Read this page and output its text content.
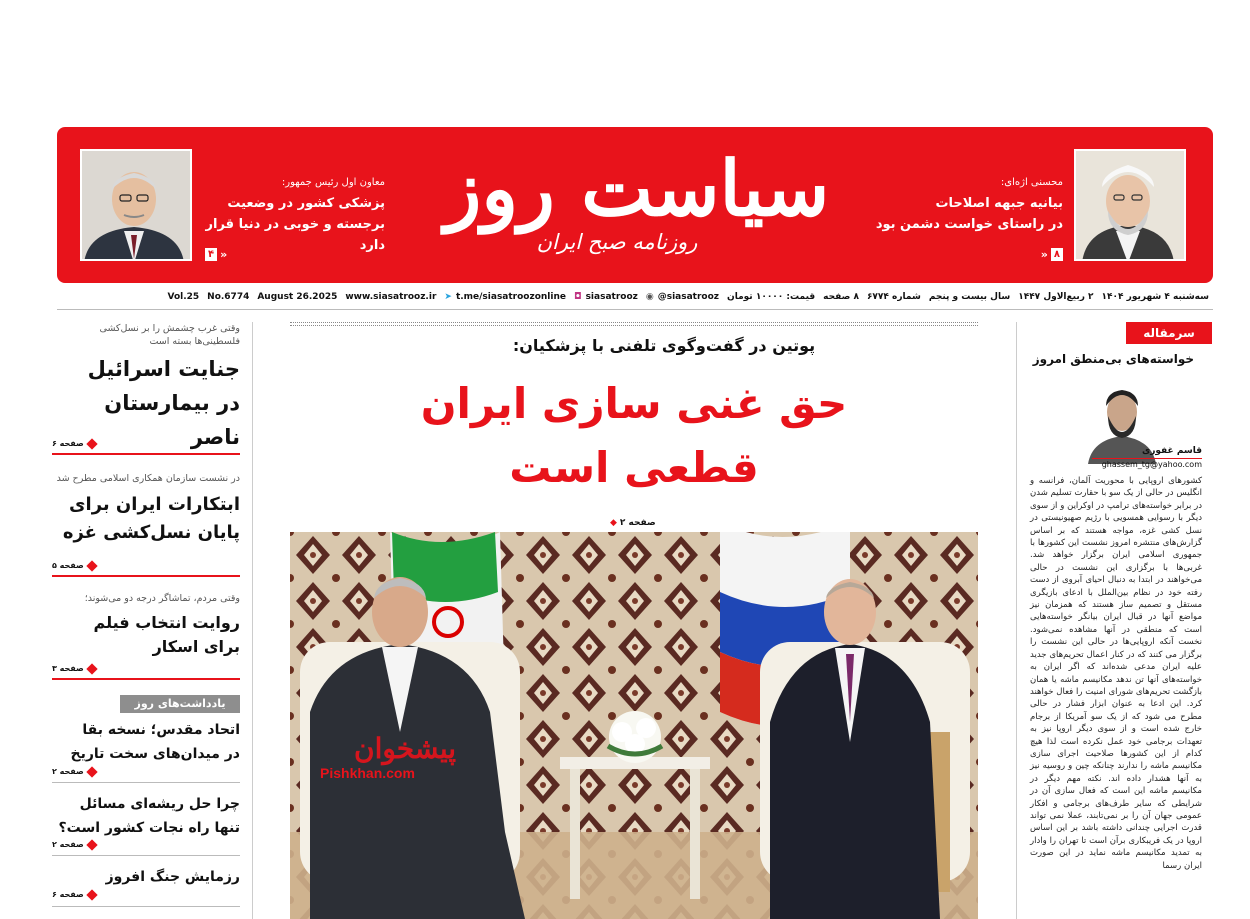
محسنی اژه‌ای:
بیانیه جبهه اصلاحات
در راستای خواست دشمن بود
۸
«
سیاست روز
روزنامه صبح ایران
معاون اول رئیس جمهور:
پزشکی کشور در وضعیت
برجسته و خوبی در دنیا قرار دارد
«
۴
سه‌شنبه ۴ شهریور ۱۴۰۴
۲ ربیع‌الاول ۱۴۴۷
سال بیست و پنجم
شماره ۶۷۷۴
۸ صفحه
قیمت: ۱۰۰۰۰ تومان
@siasatrooz
◉
siasatrooz
◘
t.me/siasatroozonline
➤
www.siasatrooz.ir
August 26.2025
No.6774
Vol.25
سرمقاله
خواسته‌های بی‌منطق امروز
قاسم غفوری
ghassem_tg@yahoo.com
کشورهای اروپایی با محوریت آلمان، فرانسه و انگلیس در حالی از یک سو با حقارت تسلیم شدن در برابر خواسته‌های ترامپ در اوکراین و از سوی دیگر با رسوایی همسویی با رژیم صهیونیستی در نسل کشی غزه، مواجه هستند که بر اساس گزارش‌های منتشره امروز نشست این کشورها با جمهوری اسلامی ایران برگزار خواهد شد. غربی‌ها با برگزاری این نشست در حالی می‌خواهند در ابتدا به دنبال احیای آبروی از دست رفته خود در نظام بین‌الملل با ادعای بازیگری مستقل و تصمیم ساز هستند که همزمان نیز مواضع آنها در قبال ایران بیانگر خواسته‌هایی است که منطقی در آنها مشاهده نمی‌شود. نخست آنکه اروپایی‌ها در حالی این نشست را برگزار می کنند که در کنار اعمال تحریم‌های جدید علیه ایران مدعی شده‌اند که اگر ایران به خواسته‌های آنها تن ندهد مکانیسم ماشه یا همان بازگشت تحریم‌های شورای امنیت را فعال خواهند کرد. این ادعا به عنوان ابزار فشار در حالی مطرح می شود که از یک سو آمریکا از برجام خارج شده است و از سوی دیگر اروپا نیز به تعهدات برجامی خود عمل نکرده است لذا هیچ کدام از این کشورها صلاحیت اجرای سازی مکانیسم ماشه را ندارند چنانکه چین و روسیه نیز به آنها هشدار داده اند. نکته مهم دیگر در مکانیسم ماشه این است که فعال سازی آن در شرایطی که سایر طرف‌های برجامی و افکار عمومی جهان آن را بر نمی‌تابند، عملا نمی تواند قدرت اجرایی چندانی داشته باشد بر این اساس اروپا در یک فریبکاری برآن است تا تهران را وادار به تمدید مکانیسم ماشه نماید در این صورت ایران رسما
پوتین در گفت‌وگوی تلفنی با پزشکیان:
حق غنی سازی ایران
قطعی است
صفحه ۲
◆
پیشخوان
Pishkhan.com
وقتی غرب چشمش را بر نسل‌کشی
فلسطینی‌ها بسته است
جنایت اسرائیل
در بیمارستان ناصر
صفحه ۶
در نشست سازمان همکاری اسلامی مطرح شد
ابتکارات ایران برای
پایان نسل‌کشی غزه
صفحه ۵
وقتی مردم، تماشاگر درجه دو می‌شوند؛
روایت انتخاب فیلم
برای اسکار
صفحه ۳
یادداشت‌های روز
اتحاد مقدس؛ نسخه بقا
در میدان‌های سخت تاریخ
صفحه ۲
چرا حل ریشه‌ای مسائل
تنها راه نجات کشور است؟
صفحه ۲
رزمایش جنگ افروز
صفحه ۶
